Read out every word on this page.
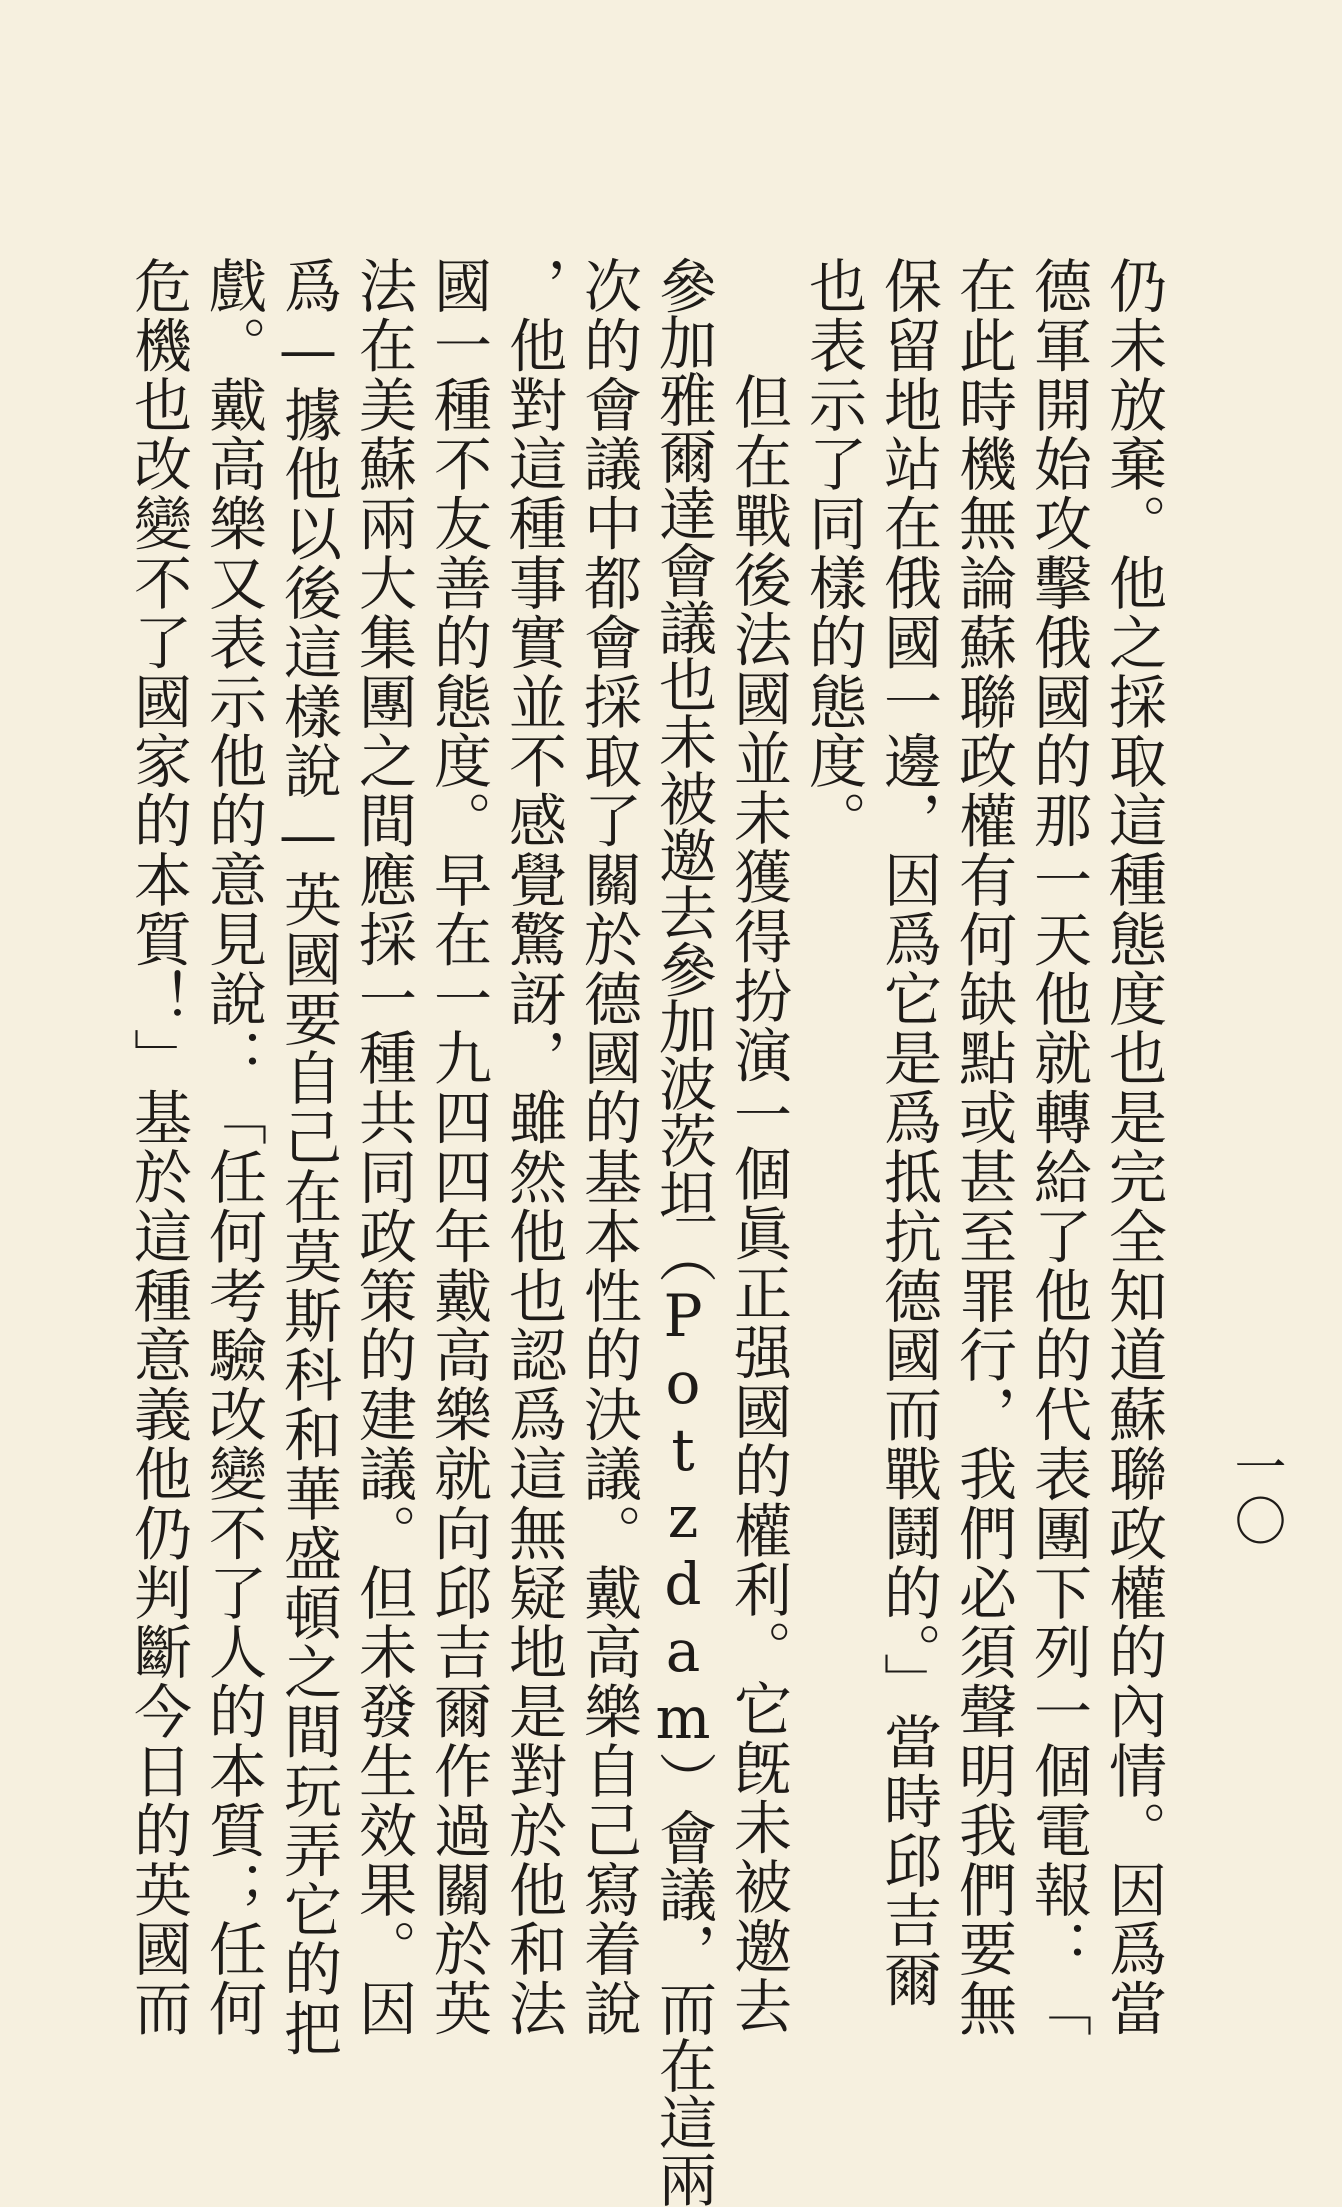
一〇

仍未放棄。他之採取這種態度也是完全知道蘇聯政權的內情。因爲當

德軍開始攻擊俄國的那一天他就轉給了他的代表團下列一個電報：「

在此時機無論蘇聯政權有何缺點或甚至罪行，我們必須聲明我們要無

保留地站在俄國一邊，因爲它是爲抵抗德國而戰鬪的。」當時邱吉爾

也表示了同樣的態度。

但在戰後法國並未獲得扮演一個眞正强國的權利。它旣未被邀去

參加雅爾達會議也未被邀去參加波茨坦（Potzdam）會議，而在這兩

次的會議中都會採取了關於德國的基本性的決議。戴高樂自己寫着說

，他對這種事實並不感覺驚訝，雖然他也認爲這無疑地是對於他和法

國一種不友善的態度。早在一九四四年戴高樂就向邱吉爾作過關於英

法在美蘇兩大集團之間應採一種共同政策的建議。但未發生效果。因

爲—據他以後這樣說—英國要自己在莫斯科和華盛頓之間玩弄它的把

戲。戴高樂又表示他的意見說：「任何考驗改變不了人的本質；任何

危機也改變不了國家的本質！」基於這種意義他仍判斷今日的英國而
